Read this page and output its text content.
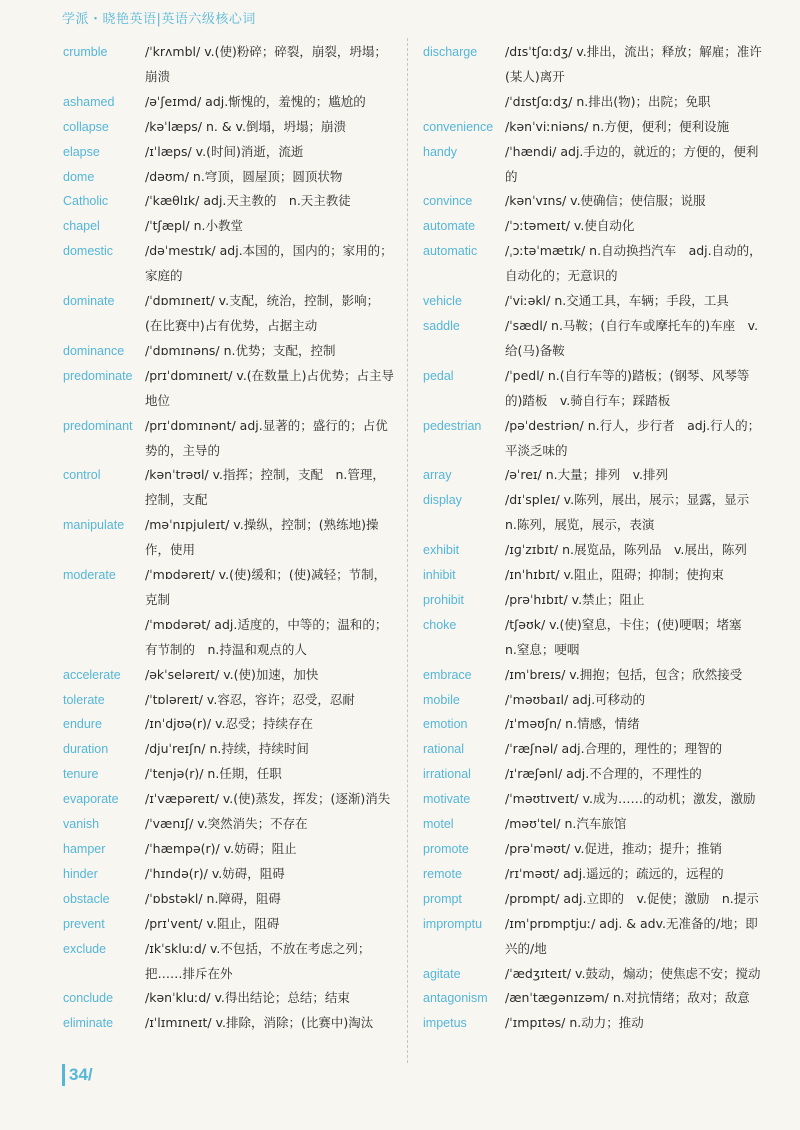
学派・晓艳英语|英语六级核心词
crumble	/ˈkrʌmbl/ v.(使)粉碎；碎裂，崩裂，坍塌；崩溃
ashamed	/əˈʃeɪmd/ adj.惭愧的，羞愧的；尴尬的
collapse	/kəˈlæps/ n. & v.倒塌，坍塌；崩溃
elapse	/ɪˈlæps/ v.(时间)消逝，流逝
dome	/dəʊm/ n.穹顶，圆屋顶；圆顶状物
Catholic	/ˈkæθlɪk/ adj.天主教的　n.天主教徒
chapel	/ˈtʃæpl/ n.小教堂
domestic	/dəˈmestɪk/ adj.本国的，国内的；家用的；家庭的
dominate	/ˈdɒmɪneɪt/ v.支配，统治，控制，影响；(在比赛中)占有优势，占据主动
dominance	/ˈdɒmɪnəns/ n.优势；支配，控制
predominate	/prɪˈdɒmɪneɪt/ v.(在数量上)占优势；占主导地位
predominant	/prɪˈdɒmɪnənt/ adj.显著的；盛行的；占优势的，主导的
control	/kənˈtrəʊl/ v.指挥；控制，支配　n.管理，控制，支配
manipulate	/məˈnɪpjuleɪt/ v.操纵，控制；(熟练地)操作，使用
moderate	/ˈmɒdəreɪt/ v.(使)缓和；(使)减轻；节制，克制
/ˈmɒdərət/ adj.适度的，中等的；温和的；有节制的　n.持温和观点的人
accelerate	/əkˈseləreɪt/ v.(使)加速，加快
tolerate	/ˈtɒləreɪt/ v.容忍，容许；忍受，忍耐
endure	/ɪnˈdjʊə(r)/ v.忍受；持续存在
duration	/djuˈreɪʃn/ n.持续，持续时间
tenure	/ˈtenjə(r)/ n.任期，任职
evaporate	/ɪˈvæpəreɪt/ v.(使)蒸发，挥发；(逐渐)消失
vanish	/ˈvænɪʃ/ v.突然消失；不存在
hamper	/ˈhæmpə(r)/ v.妨碍；阻止
hinder	/ˈhɪndə(r)/ v.妨碍，阻碍
obstacle	/ˈɒbstəkl/ n.障碍，阻碍
prevent	/prɪˈvent/ v.阻止，阻碍
exclude	/ɪkˈskluːd/ v.不包括，不放在考虑之列；把……排斥在外
conclude	/kənˈkluːd/ v.得出结论；总结；结束
eliminate	/ɪˈlɪmɪneɪt/ v.排除，消除；(比赛中)淘汰
discharge	/dɪsˈtʃɑːdʒ/ v.排出，流出；释放；解雇；准许(某人)离开
/ˈdɪstʃɑːdʒ/ n.排出(物)；出院；免职
convenience /kənˈviːniəns/ n.方便，便利；便利设施
handy	/ˈhændi/ adj.手边的，就近的；方便的，便利的
convince	/kənˈvɪns/ v.使确信；使信服；说服
automate	/ˈɔːtəmeɪt/ v.使自动化
automatic	/ˌɔːtəˈmætɪk/ n.自动换挡汽车　adj.自动的，自动化的；无意识的
vehicle	/ˈviːəkl/ n.交通工具，车辆；手段，工具
saddle	/ˈsædl/ n.马鞍；(自行车或摩托车的)车座　v.给(马)备鞍
pedal	/ˈpedl/ n.(自行车等的)踏板；(钢琴、风琴等的)踏板　v.骑自行车；踩踏板
pedestrian	/pəˈdestriən/ n.行人，步行者　adj.行人的；平淡乏味的
array	/əˈreɪ/ n.大量；排列　v.排列
display	/dɪˈspleɪ/ v.陈列，展出，展示；显露，显示　n.陈列，展览，展示，表演
exhibit	/ɪɡˈzɪbɪt/ n.展览品，陈列品　v.展出，陈列
inhibit	/ɪnˈhɪbɪt/ v.阻止，阻碍；抑制；使拘束
prohibit	/prəˈhɪbɪt/ v.禁止；阻止
choke	/tʃəʊk/ v.(使)窒息，卡住；(使)哽咽；堵塞　n.窒息；哽咽
embrace	/ɪmˈbreɪs/ v.拥抱；包括，包含；欣然接受
mobile	/ˈməʊbaɪl/ adj.可移动的
emotion	/ɪˈməʊʃn/ n.情感，情绪
rational	/ˈræʃnəl/ adj.合理的，理性的；理智的
irrational	/ɪˈræʃənl/ adj.不合理的，不理性的
motivate	/ˈməʊtɪveɪt/ v.成为……的动机；激发，激励
motel	/məʊˈtel/ n.汽车旅馆
promote	/prəˈməʊt/ v.促进，推动；提升；推销
remote	/rɪˈməʊt/ adj.遥远的；疏远的，远程的
prompt	/prɒmpt/ adj.立即的　v.促使；激励　n.提示
impromptu	/ɪmˈprɒmptjuː/ adj. & adv.无准备的/地；即兴的/地
agitate	/ˈædʒɪteɪt/ v.鼓动，煽动；使焦虑不安；搅动
antagonism	/ænˈtæɡənɪzəm/ n.对抗情绪；敌对；敌意
impetus	/ˈɪmpɪtəs/ n.动力；推动
34/
